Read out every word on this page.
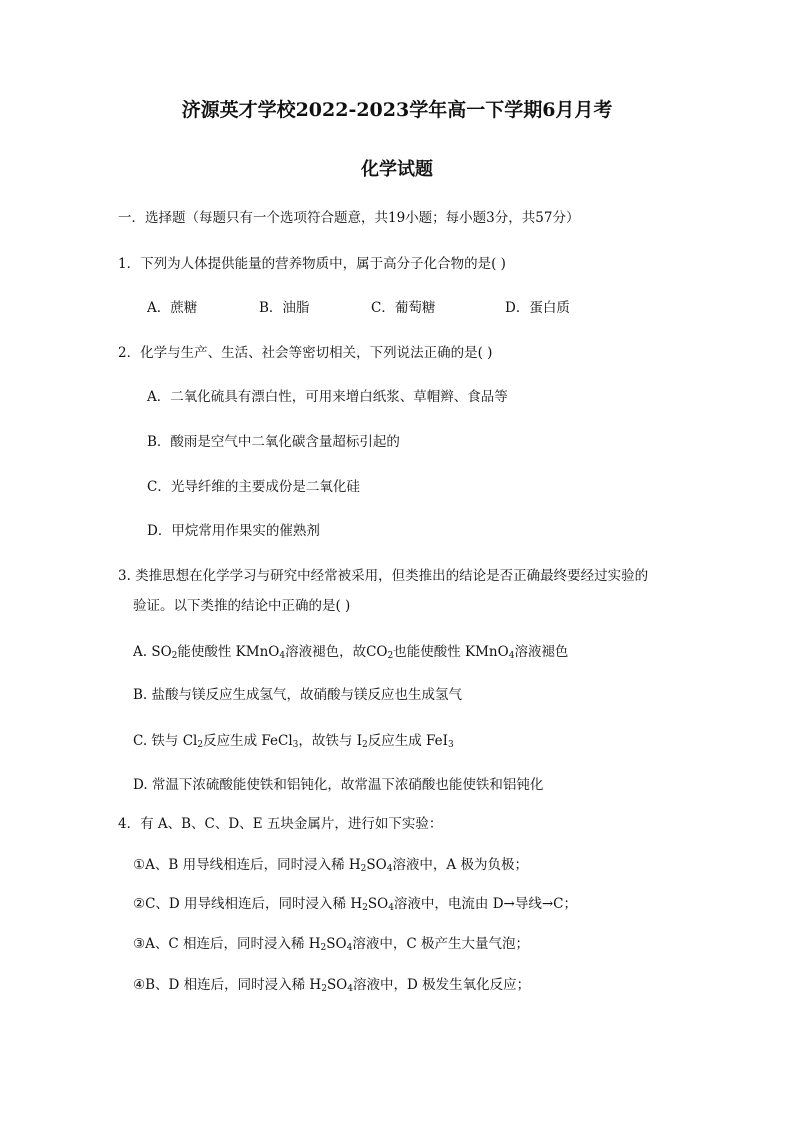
济源英才学校2022-2023学年高一下学期6月月考
化学试题
一．选择题（每题只有一个选项符合题意，共19小题；每小题3分，共57分）
1．下列为人体提供能量的营养物质中，属于高分子化合物的是( )
A．蔗糖	B．油脂	C．葡萄糖	D．蛋白质
2．化学与生产、生活、社会等密切相关，下列说法正确的是( )
A．二氧化硫具有漂白性，可用来增白纸浆、草帽辫、食品等
B．酸雨是空气中二氧化碳含量超标引起的
C．光导纤维的主要成份是二氧化硅
D．甲烷常用作果实的催熟剂
3. 类推思想在化学学习与研究中经常被采用，但类推出的结论是否正确最终要经过实验的
验证。以下类推的结论中正确的是( )
A. $SO_2$能使酸性 KMnO$_4$溶液褪色，故$CO_2$也能使酸性 KMnO$_4$溶液褪色
B. 盐酸与镁反应生成氢气，故硝酸与镁反应也生成氢气
C. 铁与 $Cl_2$反应生成 FeCl$_3$，故铁与 $I_2$反应生成 FeI$_3$
D. 常温下浓硫酸能使铁和铝钝化，故常温下浓硝酸也能使铁和铝钝化
4．有 A、B、C、D、E 五块金属片，进行如下实验：
①A、B 用导线相连后，同时浸入稀 $H_2SO_4$溶液中，A 极为负极；
②C、D 用导线相连后，同时浸入稀 $H_2SO_4$溶液中，电流由 D→导线→C；
③A、C 相连后，同时浸入稀 $H_2SO_4$溶液中，C 极产生大量气泡；
④B、D 相连后，同时浸入稀 $H_2SO_4$溶液中，D 极发生氧化反应；
